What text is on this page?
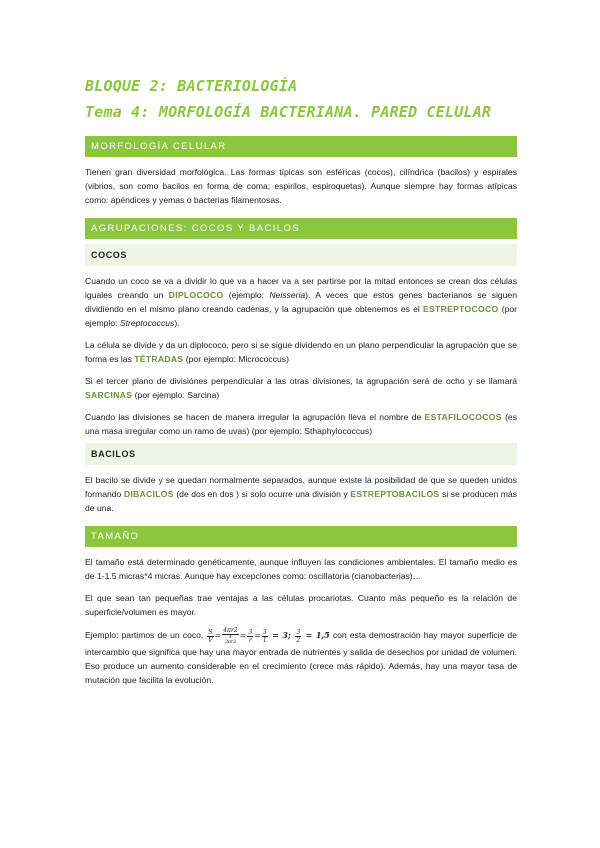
BLOQUE 2: BACTERIOLOGÍA
Tema 4: MORFOLOGÍA BACTERIANA. PARED CELULAR
MORFOLOGÍA CELULAR

Tienen gran diversidad morfológica. Las formas típicas son esféricas (cocos), cilíndrica (bacilos) y espirales (vibrios, son como bacilos en forma de coma; espirilos, espiroquetas). Aunque siempre hay formas atípicas como: apéndices y yemas o bacterias filamentosas.

AGRUPACIONES: COCOS Y BACILOS
COCOS

Cuando un coco se va a dividir lo que va a hacer va a ser partirse por la mitad entonces se crean dos células iguales creando un DIPLOCOCO (ejemplo: Neisseria). A veces que estos genes bacterianos se siguen dividiendo en el mismo plano creando cadenas, y la agrupación que obtenemos es el ESTREPTOCOCO (por ejemplo: Streptococcus).

La célula se divide y da un diplococo, pero si se sigue dividendo en un plano perpendicular la agrupación que se forma es las TÉTRADAS (por ejemplo: Micrococcus)

Si el tercer plano de divisiónes perpendicular a las otras divisiones, la agrupación será de ocho y se llamará SARCINAS (por ejemplo: Sarcina)

Cuando las divisiones se hacen de manera irregular la agrupación lleva el nombre de ESTAFILOCOCOS (es una masa irregular como un ramo de uvas) (por ejemplo: Sthaphylococcus)

BACILOS

El bacilo se divide y se quedan normalmente separados, aunque existe la posibilidad de que se queden unidos formando DIBACILOS (de dos en dos ) si solo ocurre una división y ESTREPTOBACILOS si se producen más de una.

TAMAÑO

El tamaño está determinado genéticamente, aunque influyen las condiciones ambientales. El tamaño medio es de 1-1.5 micras*4 micras. Aunque hay excepciones como: oscillatoria (cianobacterias)…

El que sean tan pequeñas trae ventajas a las células procariotas. Cuanto más pequeño es la relación de superficie/volumen es mayor.

Ejemplo: partimos de un coco, $\frac{S}{V}$ =
4πr2
4
3πr3
= $\frac{3}{r} = \frac{3}{1} = 3$; $\frac{3}{2} = 1,5$ con esta demostración hay mayor superficie de intercambio que significa que hay una mayor entrada de nutrientes y salida de desechos por unidad de volumen. Eso produce un aumento considerable en el crecimiento (crece más rápido). Además, hay una mayor tasa de mutación que facilita la evolución.
